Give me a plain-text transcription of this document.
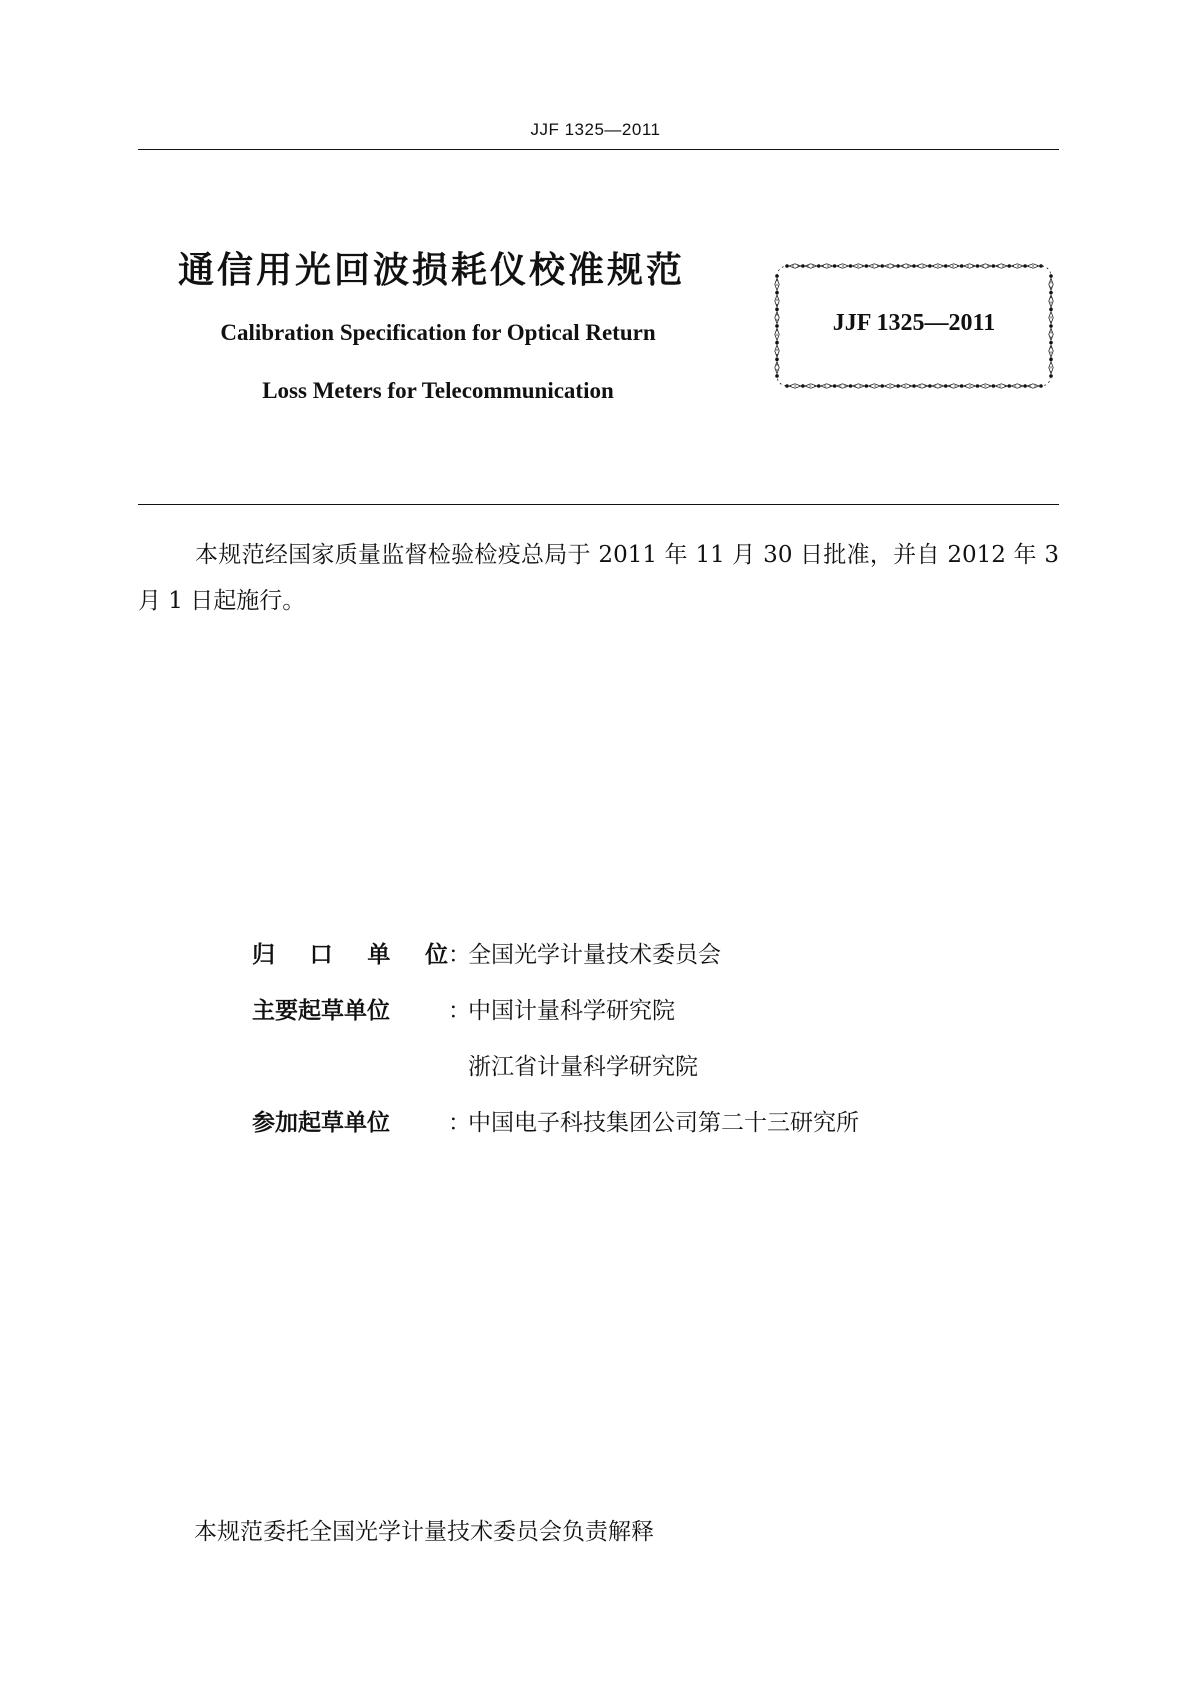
JJF 1325—2011
通信用光回波损耗仪校准规范
Calibration Specification for Optical Return
Loss Meters for Telecommunication
JJF 1325—2011
本规范经国家质量监督检验检疫总局于 2011 年 11 月 30 日批准，并自 2012 年 3 月 1 日起施行。
归 口 单 位 ：
全国光学计量技术委员会
主要起草单位	：
中国计量科学研究院
浙江省计量科学研究院
参加起草单位	：
中国电子科技集团公司第二十三研究所
本规范委托全国光学计量技术委员会负责解释
